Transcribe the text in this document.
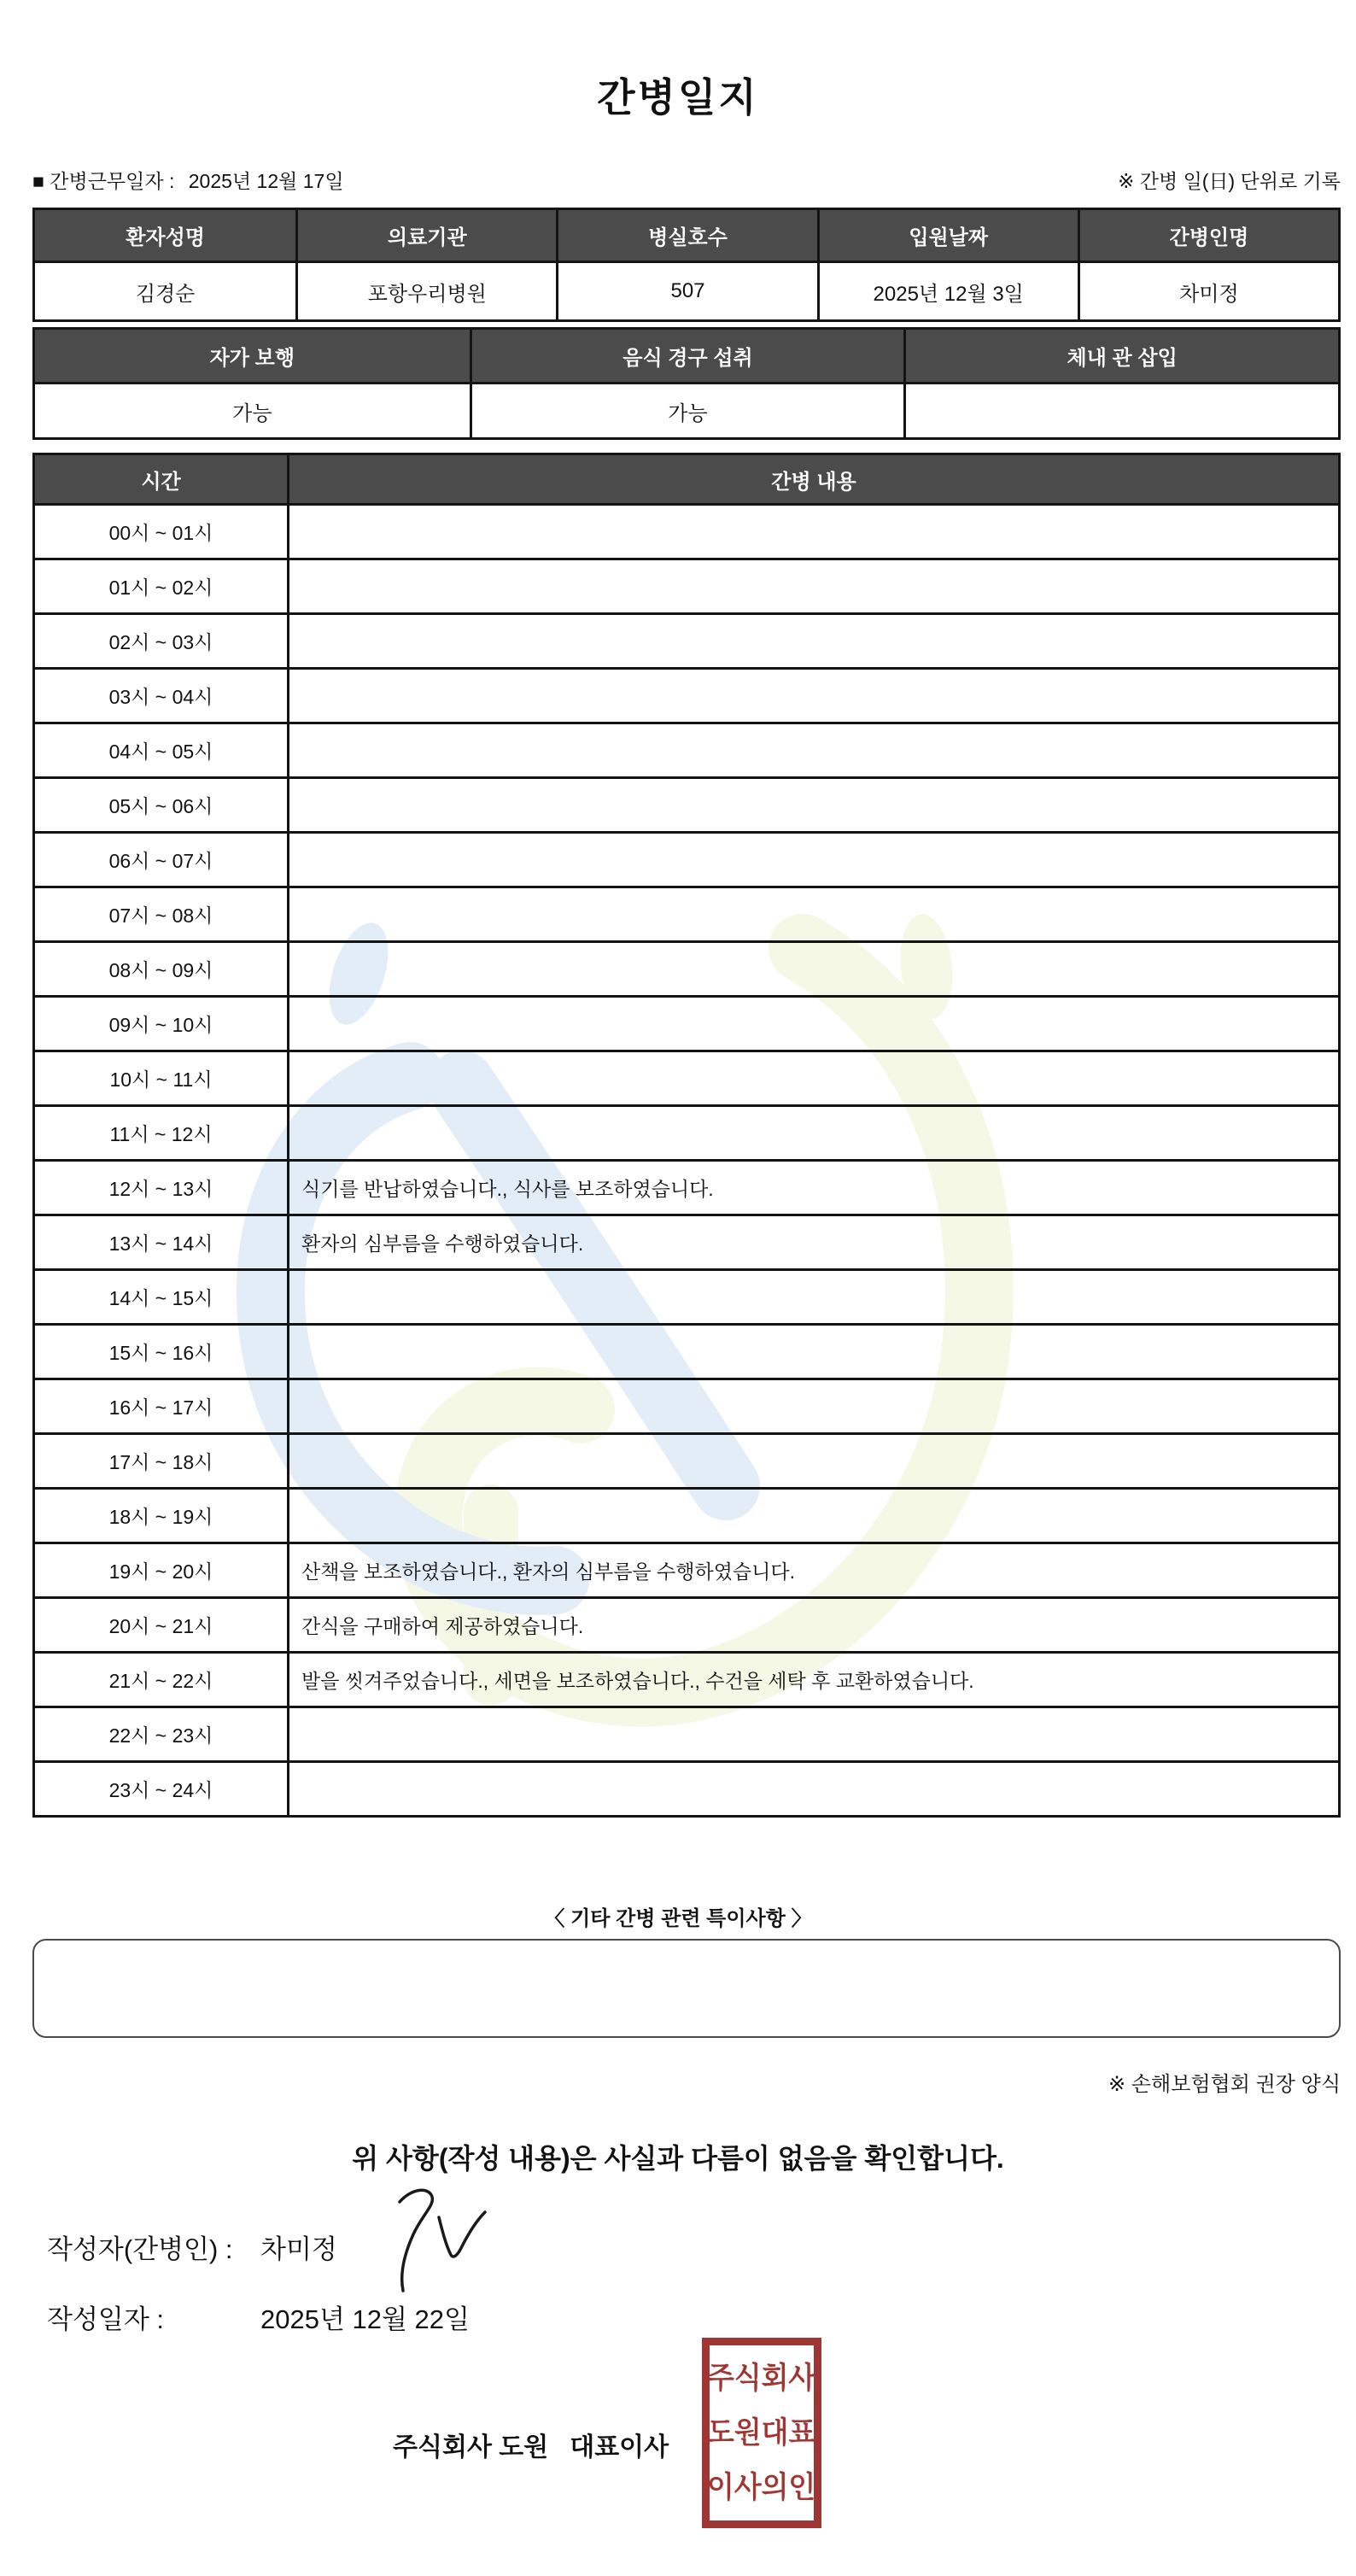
간병일지
■ 간병근무일자 : 2025년 12월 17일	※ 간병 일(日) 단위로 기록
환자성명	의료기관	병실호수	입원날짜	간병인명
김경순	포항우리병원	507	2025년 12월 3일	차미정
자가 보행	음식 경구 섭취	체내 관 삽입
가능	가능
시간	간병 내용
00시 ~ 01시	
01시 ~ 02시	
02시 ~ 03시	
03시 ~ 04시	
04시 ~ 05시	
05시 ~ 06시	
06시 ~ 07시	
07시 ~ 08시	
08시 ~ 09시	
09시 ~ 10시	
10시 ~ 11시	
11시 ~ 12시	
12시 ~ 13시	식기를 반납하였습니다., 식사를 보조하였습니다.
13시 ~ 14시	환자의 심부름을 수행하였습니다.
14시 ~ 15시	
15시 ~ 16시	
16시 ~ 17시	
17시 ~ 18시	
18시 ~ 19시	
19시 ~ 20시	산책을 보조하였습니다., 환자의 심부름을 수행하였습니다.
20시 ~ 21시	간식을 구매하여 제공하였습니다.
21시 ~ 22시	발을 씻겨주었습니다., 세면을 보조하였습니다., 수건을 세탁 후 교환하였습니다.
22시 ~ 23시	
23시 ~ 24시	
〈 기타 간병 관련 특이사항 〉
※ 손해보험협회 권장 양식
위 사항(작성 내용)은 사실과 다름이 없음을 확인합니다.
작성자(간병인) :	차미정
작성일자 :	2025년 12월 22일
주식회사 도원   대표이사
주식회사
도원대표
이사의인
